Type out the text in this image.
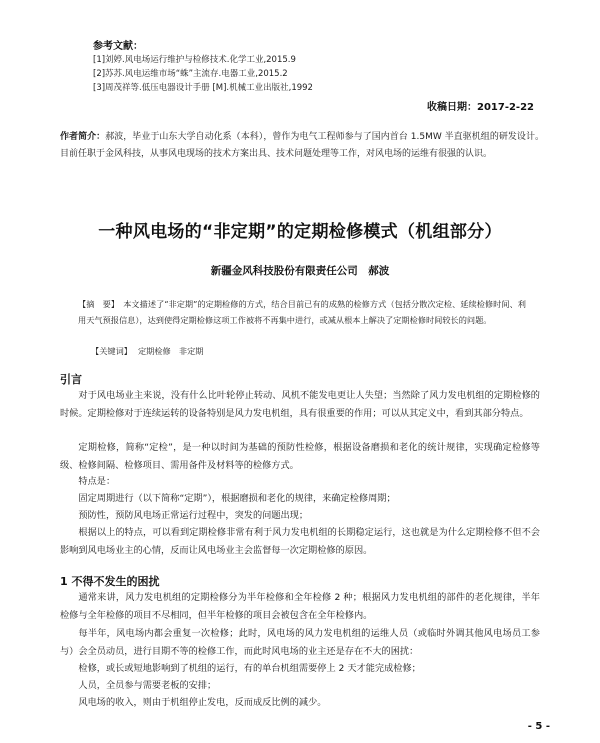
参考文献：
[1]刘婷.风电场运行维护与检修技术.化学工业,2015.9
[2]苏苏.风电运维市场“蛛”主流存.电器工业,2015.2
[3]周茂祥等.低压电器设计手册 [M].机械工业出版社,1992
收稿日期：2017-2-22
作者简介：郝波，毕业于山东大学自动化系（本科），曾作为电气工程师参与了国内首台 1.5MW 半直驱机组的研发设计。目前任职于金风科技，从事风电现场的技术方案出具、技术问题处理等工作，对风电场的运维有很强的认识。
一种风电场的“非定期”的定期检修模式（机组部分）
新疆金风科技股份有限责任公司　郝波
【摘　要】　 本文描述了“非定期”的定期检修的方式，结合目前已有的成熟的检修方式（包括分散次定检、延续检修时间、利用天气预报信息），达到使得定期检修这项工作被将不再集中进行，或减从根本上解决了定期检修时间较长的问题。
【关键词】 定期检修　非定期
引言
对于风电场业主来说，没有什么比叶轮停止转动、风机不能发电更让人失望；当然除了风力发电机组的定期检修的时候。定期检修对于连续运转的设备特别是风力发电机组，具有很重要的作用；可以从其定义中，看到其部分特点。
定期检修，简称“定检”，是一种以时间为基础的预防性检修，根据设备磨损和老化的统计规律，实现确定检修等级、检修间隔、检修项目、需用备件及材料等的检修方式。
特点是：
固定周期进行（以下简称“定期”），根据磨损和老化的规律，来确定检修周期；
预防性，预防风电场正常运行过程中，突发的问题出现；
根据以上的特点，可以看到定期检修非常有利于风力发电机组的长期稳定运行，这也就是为什么定期检修不但不会影响到风电场业主的心情，反而让风电场业主会监督每一次定期检修的原因。
1 不得不发生的困扰
通常来讲，风力发电机组的定期检修分为半年检修和全年检修 2 种；根据风力发电机组的部件的老化规律，半年检修与全年检修的项目不尽相同，但半年检修的项目会被包含在全年检修内。
每半年，风电场内都会重复一次检修；此时，风电场的风力发电机组的运维人员（或临时外调其他风电场员工参与）会全员动员，进行目期不等的检修工作，而此时风电场的业主还是存在不大的困扰：
检修，或长或短地影响到了机组的运行，有的单台机组需要停上 2 天才能完成检修；
人员，全员参与需要老板的安排；
风电场的收入，则由于机组停止发电，反而成反比例的减少。
- 5 -
